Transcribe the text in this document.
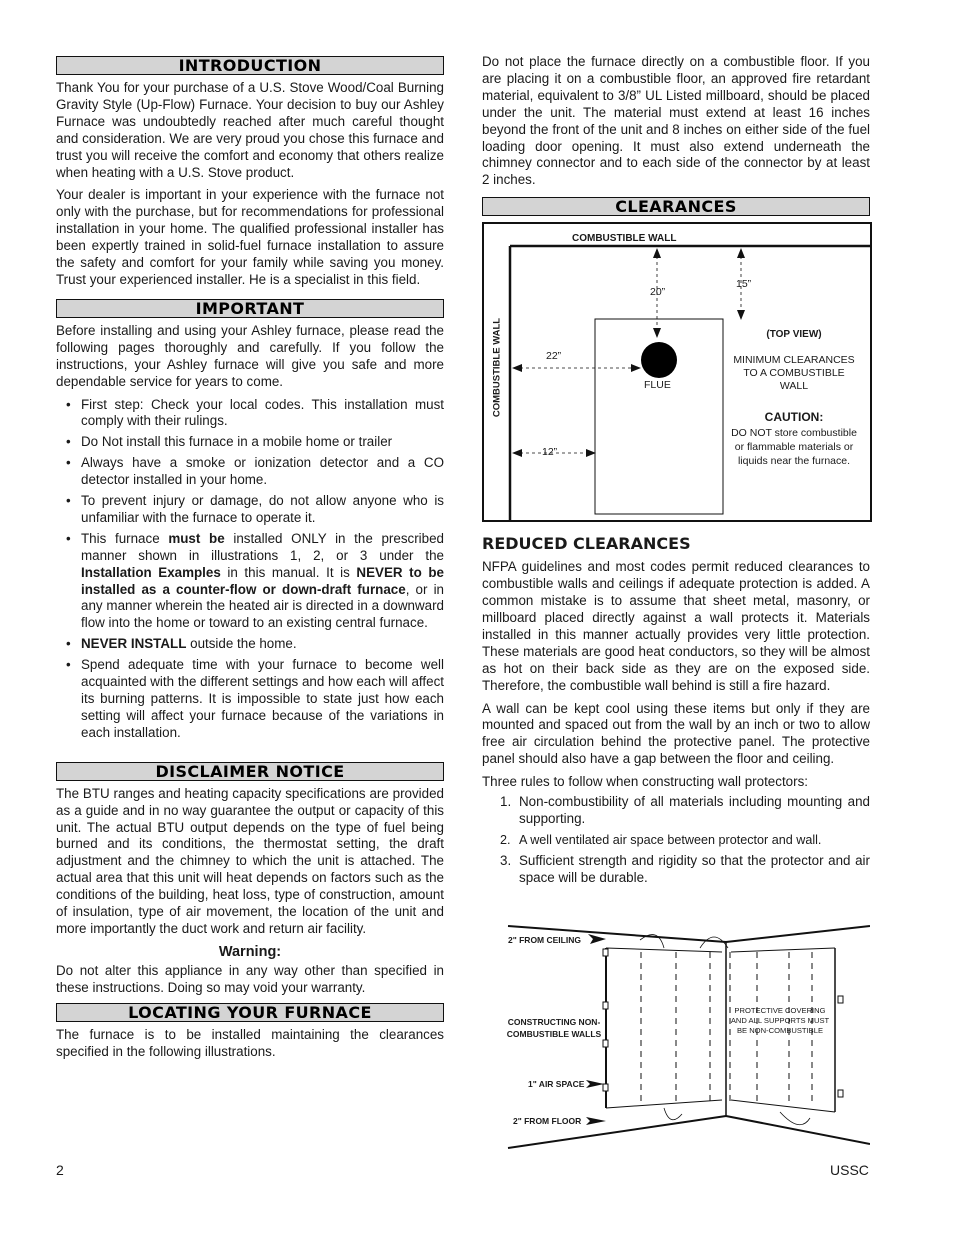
INTRODUCTION

Thank You for your purchase of a U.S. Stove Wood/Coal Burning Gravity Style (Up-Flow) Furnace. Your decision to buy our Ashley Furnace was undoubtedly reached after much careful thought and consideration. We are very proud you chose this furnace and trust you will receive the comfort and economy that others realize when heating with a U.S. Stove product.

Your dealer is important in your experience with the furnace not only with the purchase, but for recommendations for professional installation in your home. The qualified professional installer has been expertly trained in solid-fuel furnace installation to assure the safety and comfort for your family while saving you money. Trust your experienced installer. He is a specialist in this field.

IMPORTANT

Before installing and using your Ashley furnace, please read the following pages thoroughly and carefully. If you follow the instructions, your Ashley furnace will give you safe and more dependable service for years to come.

• First step: Check your local codes. This installation must comply with their rulings.
• Do Not install this furnace in a mobile home or trailer
• Always have a smoke or ionization detector and a CO detector installed in your home.
• To prevent injury or damage, do not allow anyone who is unfamiliar with the furnace to operate it.
• This furnace must be installed ONLY in the prescribed manner shown in illustrations 1, 2, or 3 under the Installation Examples in this manual. It is NEVER to be installed as a counter-flow or down-draft furnace, or in any manner wherein the heated air is directed in a downward flow into the home or toward to an existing central furnace.
• NEVER INSTALL outside the home.
• Spend adequate time with your furnace to become well acquainted with the different settings and how each will affect its burning patterns. It is impossible to state just how each setting will affect your furnace because of the variations in each installation.
DISCLAIMER NOTICE

The BTU ranges and heating capacity specifications are provided as a guide and in no way guarantee the output or capacity of this unit. The actual BTU output depends on the type of fuel being burned and its conditions, the thermostat setting, the draft adjustment and the chimney to which the unit is attached. The actual area that this unit will heat depends on factors such as the conditions of the building, heat loss, type of construction, amount of insulation, type of air movement, the location of the unit and more importantly the duct work and return air facility.

Warning:

Do not alter this appliance in any way other than specified in these instructions. Doing so may void your warranty.

LOCATING YOUR FURNACE

The furnace is to be installed maintaining the clearances specified in the following illustrations.

Do not place the furnace directly on a combustible floor. If you are placing it on a combustible floor, an approved fire retardant material, equivalent to 3/8” UL Listed millboard, should be placed under the unit. The material must extend at least 16 inches beyond the front of the unit and 8 inches on either side of the fuel loading door opening. It must also extend underneath the chimney connector and to each side of the connector by at least 2 inches.

CLEARANCES
COMBUSTIBLE WALL
COMBUSTIBLE WALL
20”
15”
22”
12”
FLUE
(TOP VIEW)
MINIMUM CLEARANCES TO A COMBUSTIBLE WALL
CAUTION:
DO NOT store combustible or flammable materials or liquids near the furnace.
REDUCED CLEARANCES

NFPA guidelines and most codes permit reduced clearances to combustible walls and ceilings if adequate protection is added. A common mistake is to assume that sheet metal, masonry, or millboard placed directly against a wall protects it. Materials installed in this manner actually provides very little protection. These materials are good heat conductors, so they will be almost as hot on their back side as they are on the exposed side. Therefore, the combustible wall behind is still a fire hazard.

A wall can be kept cool using these items but only if they are mounted and spaced out from the wall by an inch or two to allow free air circulation behind the protective panel. The protective panel should also have a gap between the floor and ceiling.

Three rules to follow when constructing wall protectors:

1. Non-combustibility of all materials including mounting and supporting.
2. A well ventilated air space between protector and wall.
3. Sufficient strength and rigidity so that the protector and air space will be durable.
2" FROM CEILING
CONSTRUCTING NON-COMBUSTIBLE WALLS
1" AIR SPACE
2" FROM FLOOR
PROTECTIVE COVERING AND ALL SUPPORTS MUST BE NON-COMBUSTIBLE
2	USSC
